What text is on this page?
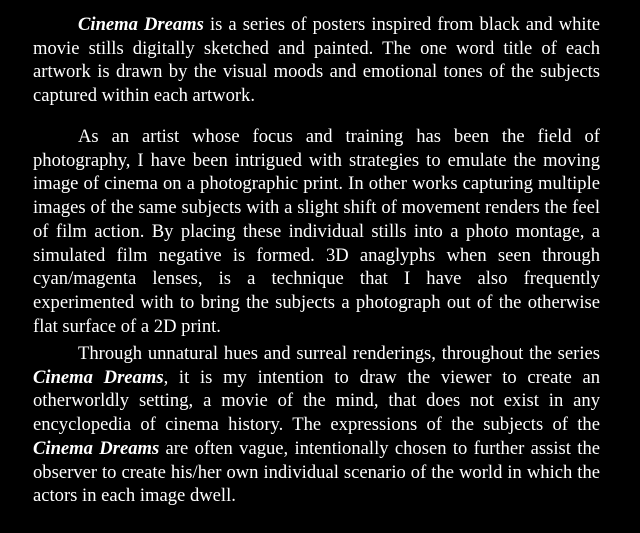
Cinema Dreams is a series of posters inspired from black and white movie stills digitally sketched and painted. The one word title of each artwork is drawn by the visual moods and emotional tones of the subjects captured within each artwork.

As an artist whose focus and training has been the field of photography, I have been intrigued with strategies to emulate the moving image of cinema on a photographic print. In other works capturing multiple images of the same subjects with a slight shift of movement renders the feel of film action. By placing these individual stills into a photo montage, a simulated film negative is formed. 3D anaglyphs when seen through cyan/magenta lenses, is a technique that I have also frequently experimented with to bring the subjects a photograph out of the otherwise flat surface of a 2D print.

Through unnatural hues and surreal renderings, throughout the series Cinema Dreams, it is my intention to draw the viewer to create an otherworldly setting, a movie of the mind, that does not exist in any encyclopedia of cinema history. The expressions of the subjects of the Cinema Dreams are often vague, intentionally chosen to further assist the observer to create his/her own individual scenario of the world in which the actors in each image dwell.
